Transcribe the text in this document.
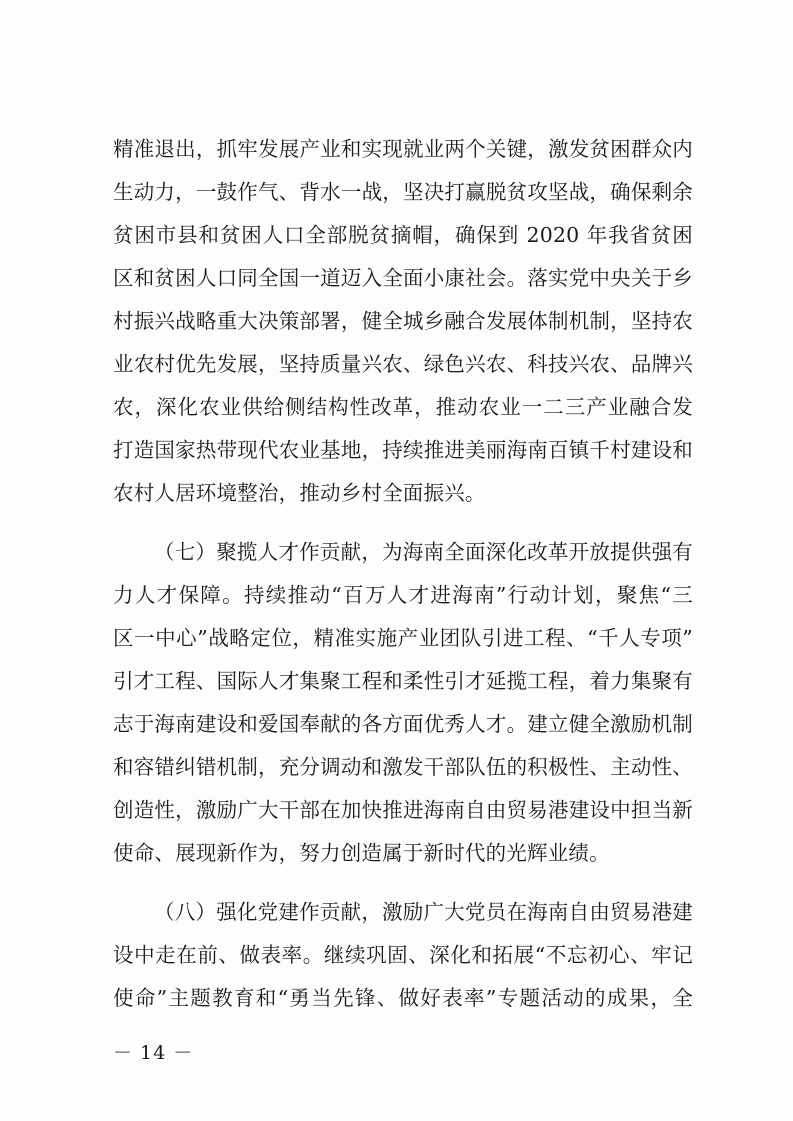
精准退出，抓牢发展产业和实现就业两个关键，激发贫困群众内
生动力，一鼓作气、背水一战，坚决打赢脱贫攻坚战，确保剩余
贫困市县和贫困人口全部脱贫摘帽，确保到 2020 年我省贫困
区和贫困人口同全国一道迈入全面小康社会。落实党中央关于乡
村振兴战略重大决策部署，健全城乡融合发展体制机制，坚持农
业农村优先发展，坚持质量兴农、绿色兴农、科技兴农、品牌兴
农，深化农业供给侧结构性改革，推动农业一二三产业融合发
打造国家热带现代农业基地，持续推进美丽海南百镇千村建设和
农村人居环境整治，推动乡村全面振兴。
（七）聚揽人才作贡献，为海南全面深化改革开放提供强有
力人才保障。持续推动“百万人才进海南”行动计划，聚焦“三
区一中心”战略定位，精准实施产业团队引进工程、“千人专项”
引才工程、国际人才集聚工程和柔性引才延揽工程，着力集聚有
志于海南建设和爱国奉献的各方面优秀人才。建立健全激励机制
和容错纠错机制，充分调动和激发干部队伍的积极性、主动性、
创造性，激励广大干部在加快推进海南自由贸易港建设中担当新
使命、展现新作为，努力创造属于新时代的光辉业绩。
（八）强化党建作贡献，激励广大党员在海南自由贸易港建
设中走在前、做表率。继续巩固、深化和拓展“不忘初心、牢记
使命”主题教育和“勇当先锋、做好表率”专题活动的成果，全
－ 14 －
